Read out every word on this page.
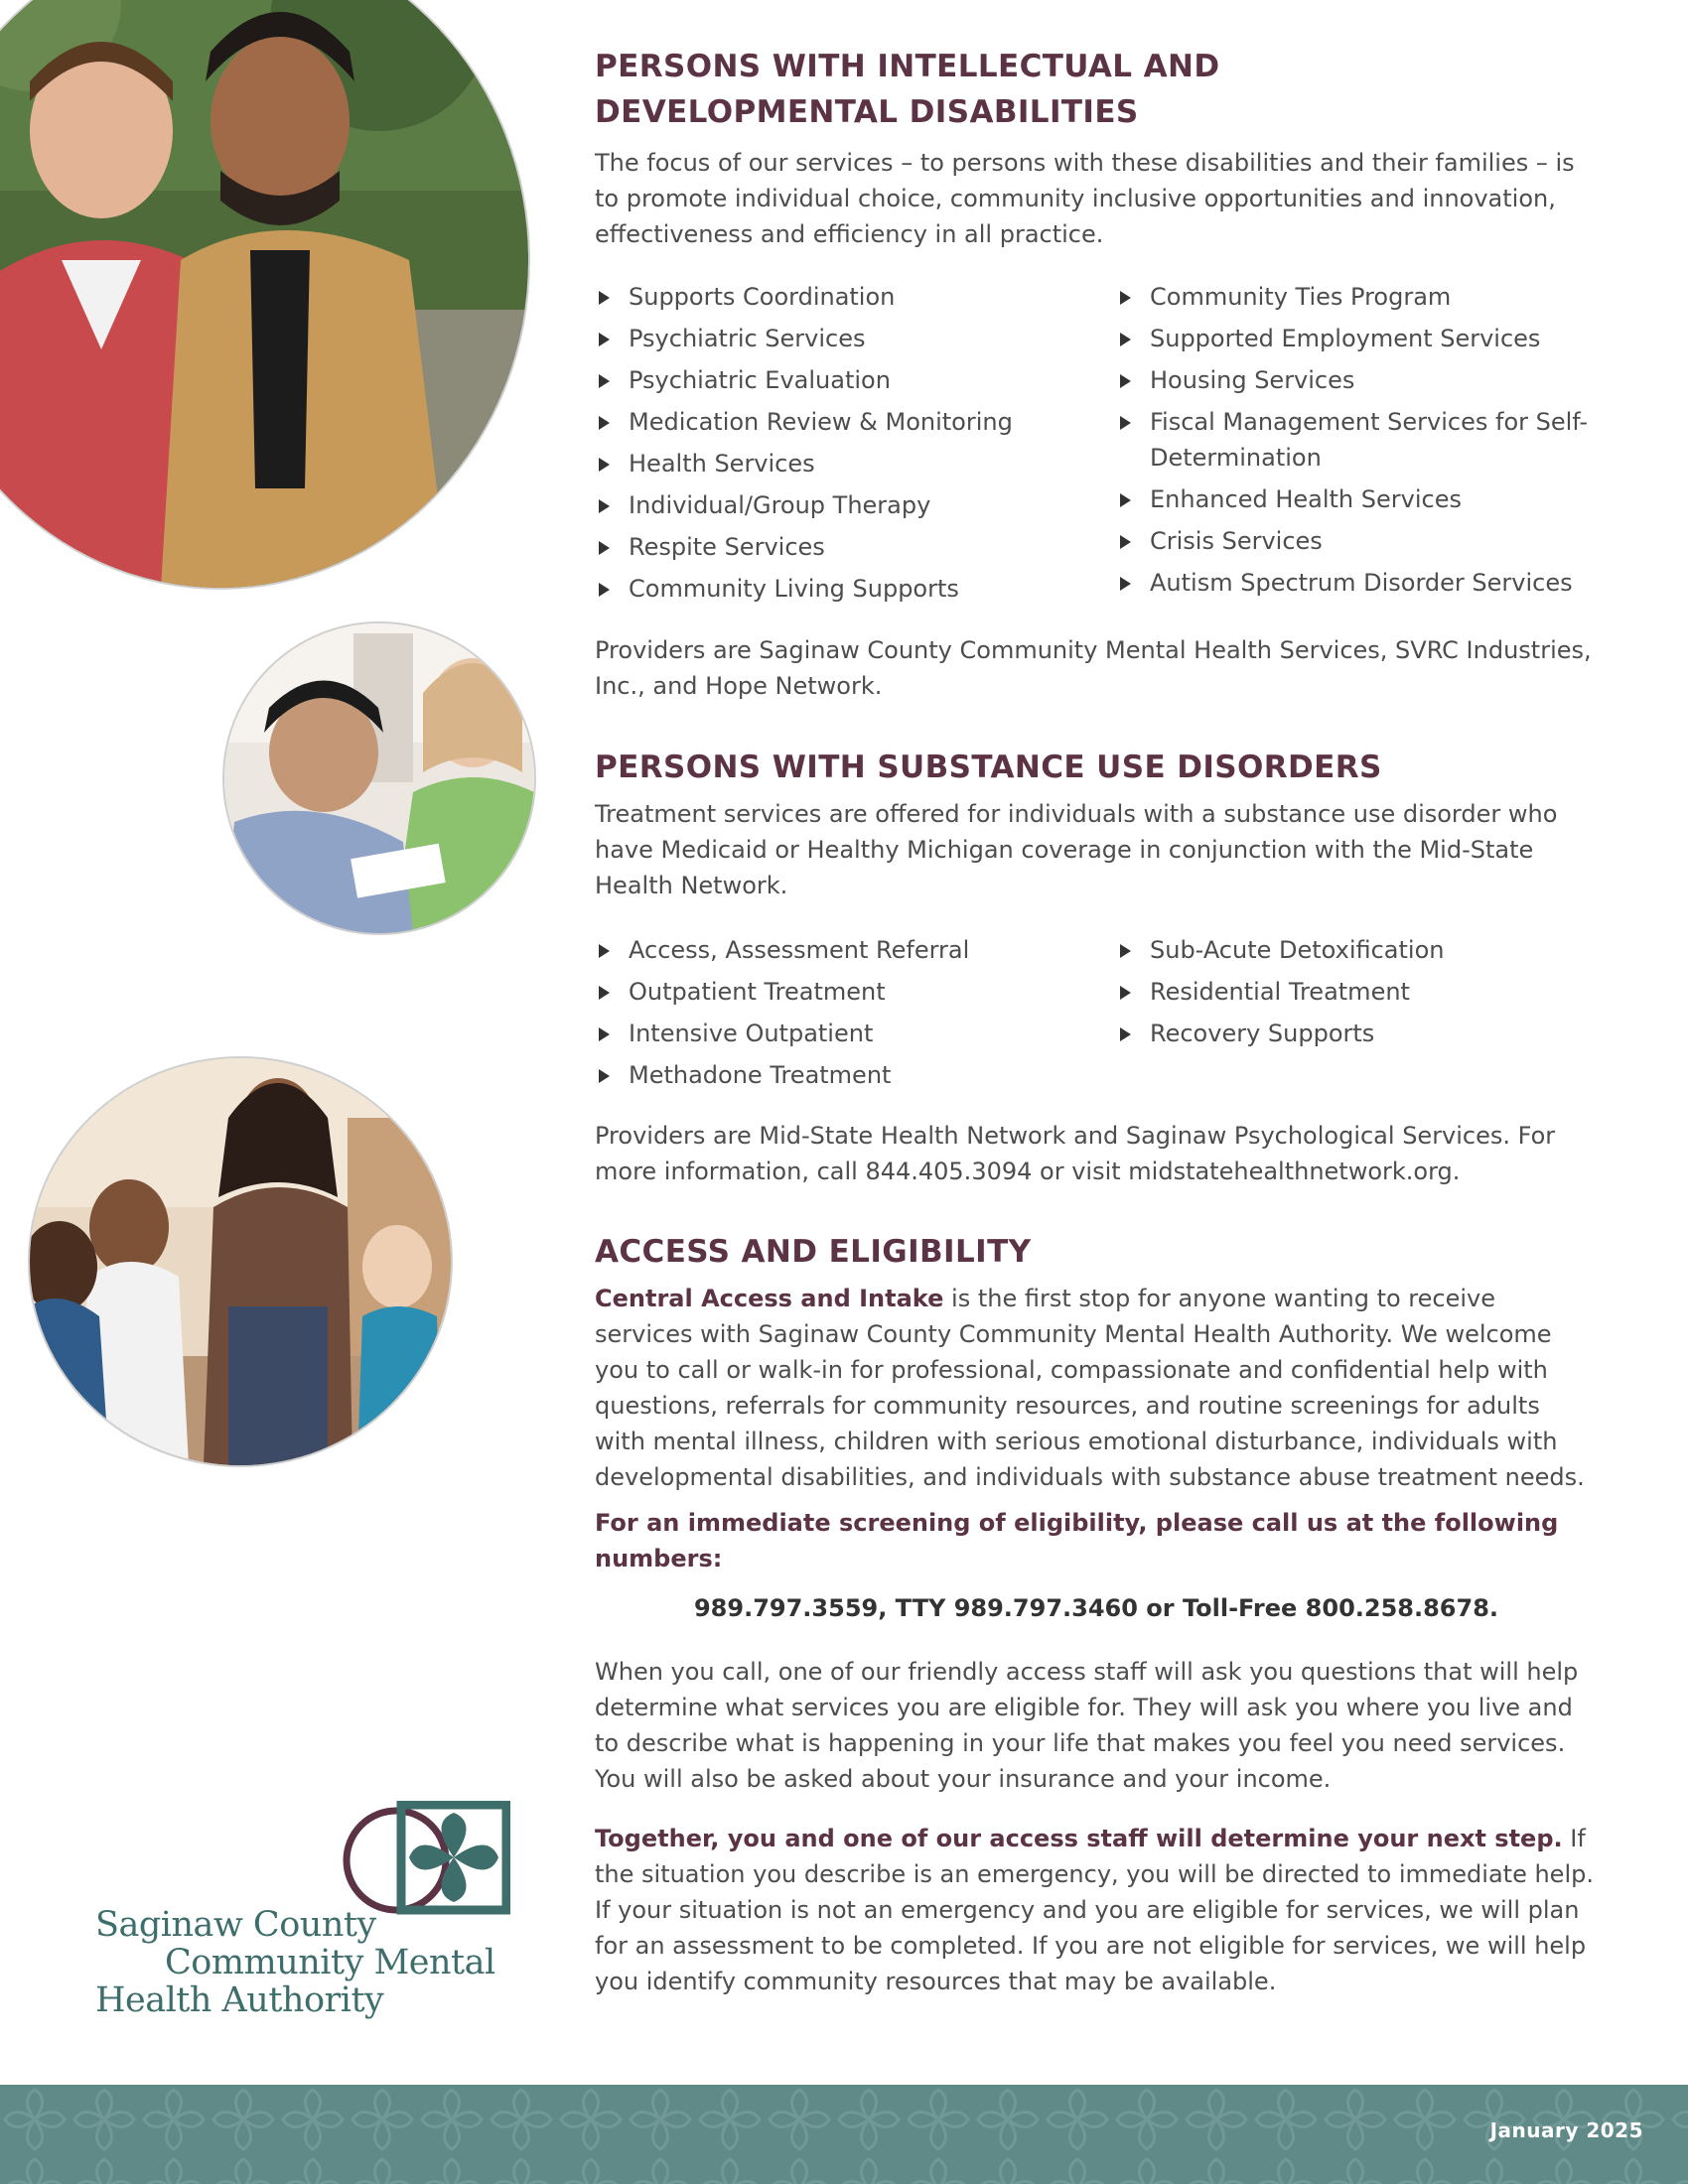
PERSONS WITH INTELLECTUAL AND
DEVELOPMENTAL DISABILITIES

The focus of our services – to persons with these disabilities and their families – is to promote individual choice, community inclusive opportunities and innovation, effectiveness and efficiency in all practice.

Supports Coordination
Psychiatric Services
Psychiatric Evaluation
Medication Review & Monitoring
Health Services
Individual/Group Therapy
Respite Services
Community Living Supports
Community Ties Program
Supported Employment Services
Housing Services
Fiscal Management Services for Self-Determination
Enhanced Health Services
Crisis Services
Autism Spectrum Disorder Services

Providers are Saginaw County Community Mental Health Services, SVRC Industries, Inc., and Hope Network.

PERSONS WITH SUBSTANCE USE DISORDERS

Treatment services are offered for individuals with a substance use disorder who have Medicaid or Healthy Michigan coverage in conjunction with the Mid-State Health Network.

Access, Assessment Referral
Outpatient Treatment
Intensive Outpatient
Methadone Treatment
Sub-Acute Detoxification
Residential Treatment
Recovery Supports

Providers are Mid-State Health Network and Saginaw Psychological Services. For more information, call 844.405.3094 or visit midstatehealthnetwork.org.

ACCESS AND ELIGIBILITY

Central Access and Intake is the first stop for anyone wanting to receive services with Saginaw County Community Mental Health Authority. We welcome you to call or walk-in for professional, compassionate and confidential help with questions, referrals for community resources, and routine screenings for adults with mental illness, children with serious emotional disturbance, individuals with developmental disabilities, and individuals with substance abuse treatment needs.

For an immediate screening of eligibility, please call us at the following numbers:

989.797.3559, TTY 989.797.3460 or Toll-Free 800.258.8678.

When you call, one of our friendly access staff will ask you questions that will help determine what services you are eligible for. They will ask you where you live and to describe what is happening in your life that makes you feel you need services. You will also be asked about your insurance and your income.

Together, you and one of our access staff will determine your next step. If the situation you describe is an emergency, you will be directed to immediate help. If your situation is not an emergency and you are eligible for services, we will plan for an assessment to be completed. If you are not eligible for services, we will help you identify community resources that may be available.

Saginaw County
Community Mental
Health Authority
January 2025
